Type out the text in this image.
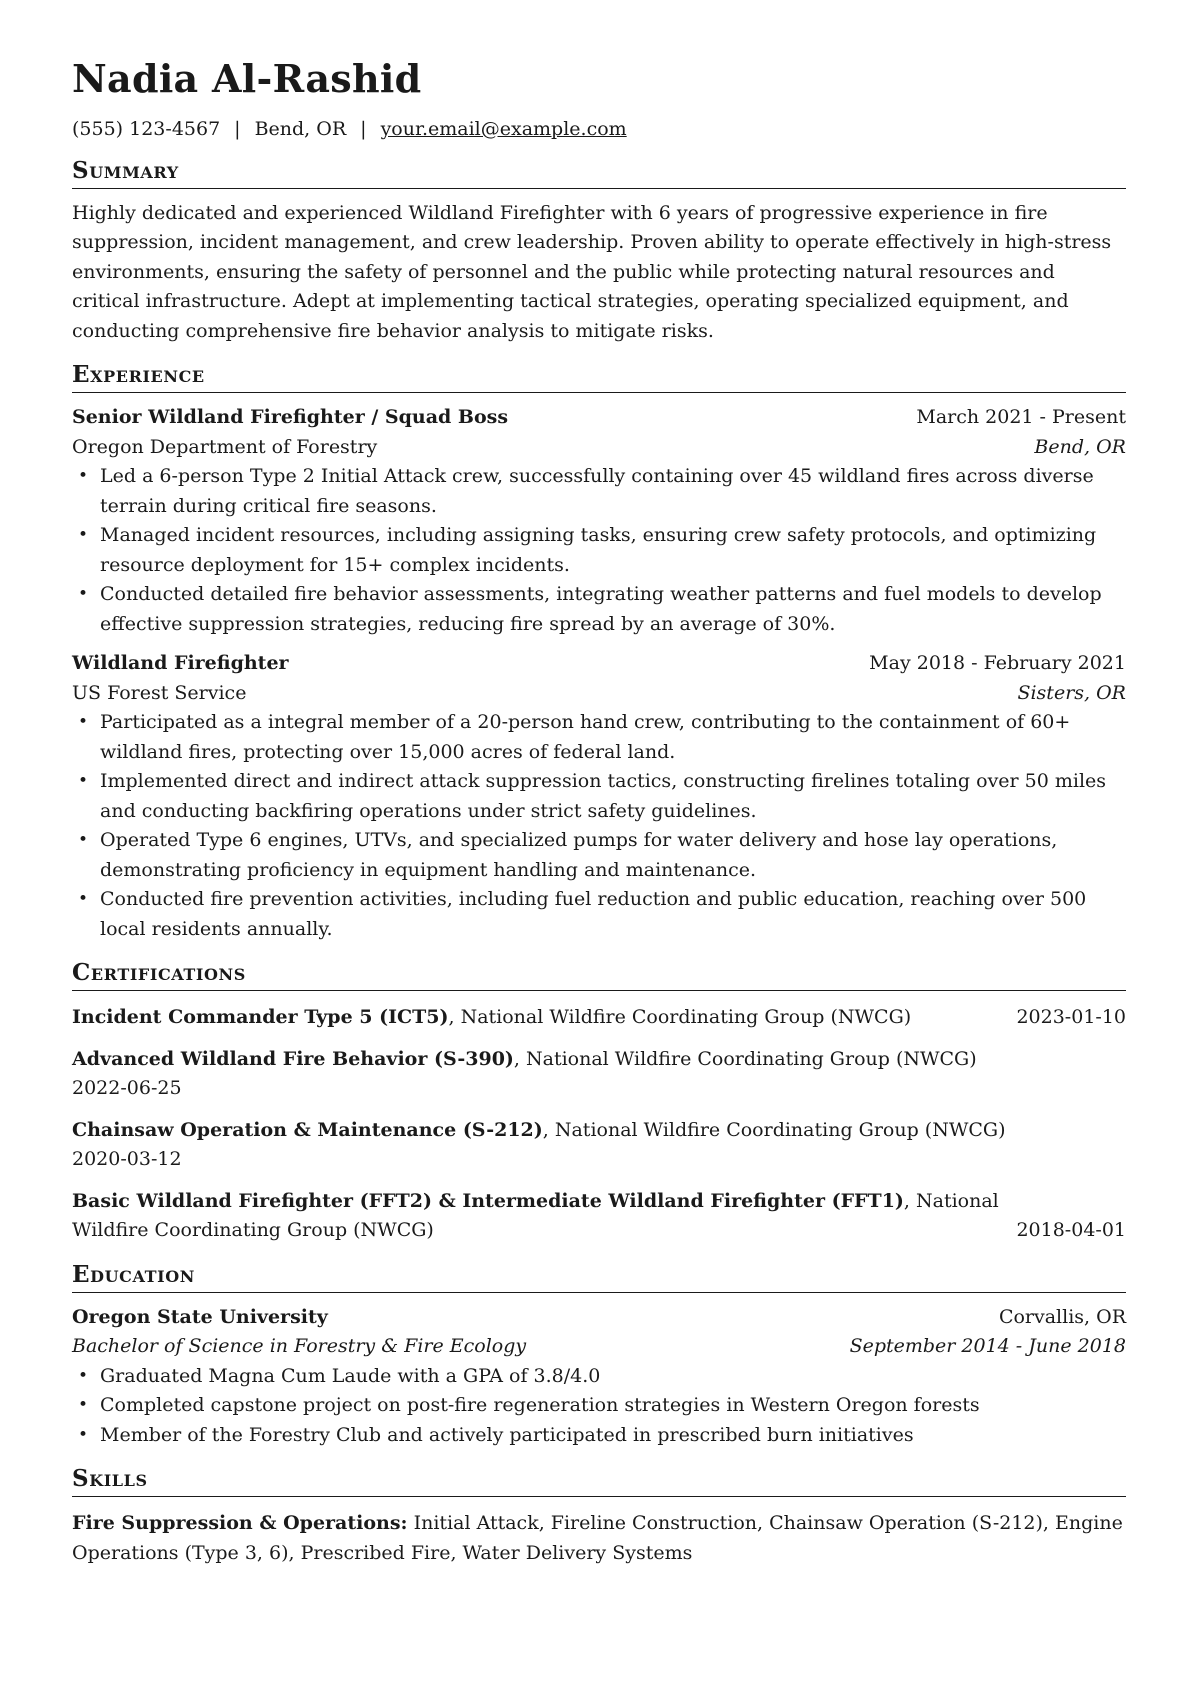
Nadia Al-Rashid
(555) 123-4567 | Bend, OR | your.email@example.com
Summary
Highly dedicated and experienced Wildland Firefighter with 6 years of progressive experience in fire suppression, incident management, and crew leadership. Proven ability to operate effectively in high-stress environments, ensuring the safety of personnel and the public while protecting natural resources and critical infrastructure. Adept at implementing tactical strategies, operating specialized equipment, and conducting comprehensive fire behavior analysis to mitigate risks.
Experience
Senior Wildland Firefighter / Squad Boss	March 2021 - Present
Oregon Department of Forestry	Bend, OR
• Led a 6-person Type 2 Initial Attack crew, successfully containing over 45 wildland fires across diverse terrain during critical fire seasons.
• Managed incident resources, including assigning tasks, ensuring crew safety protocols, and optimizing resource deployment for 15+ complex incidents.
• Conducted detailed fire behavior assessments, integrating weather patterns and fuel models to develop effective suppression strategies, reducing fire spread by an average of 30%.
Wildland Firefighter	May 2018 - February 2021
US Forest Service	Sisters, OR
• Participated as a integral member of a 20-person hand crew, contributing to the containment of 60+ wildland fires, protecting over 15,000 acres of federal land.
• Implemented direct and indirect attack suppression tactics, constructing firelines totaling over 50 miles and conducting backfiring operations under strict safety guidelines.
• Operated Type 6 engines, UTVs, and specialized pumps for water delivery and hose lay operations, demonstrating proficiency in equipment handling and maintenance.
• Conducted fire prevention activities, including fuel reduction and public education, reaching over 500 local residents annually.
Certifications
Incident Commander Type 5 (ICT5), National Wildfire Coordinating Group (NWCG)	2023-01-10
Advanced Wildland Fire Behavior (S-390), National Wildfire Coordinating Group (NWCG)
2022-06-25
Chainsaw Operation & Maintenance (S-212), National Wildfire Coordinating Group (NWCG)
2020-03-12
Basic Wildland Firefighter (FFT2) & Intermediate Wildland Firefighter (FFT1), National
Wildfire Coordinating Group (NWCG)	2018-04-01
Education
Oregon State University	Corvallis, OR
Bachelor of Science in Forestry & Fire Ecology	September 2014 - June 2018
• Graduated Magna Cum Laude with a GPA of 3.8/4.0
• Completed capstone project on post-fire regeneration strategies in Western Oregon forests
• Member of the Forestry Club and actively participated in prescribed burn initiatives
Skills
Fire Suppression & Operations: Initial Attack, Fireline Construction, Chainsaw Operation (S-212), Engine Operations (Type 3, 6), Prescribed Fire, Water Delivery Systems
